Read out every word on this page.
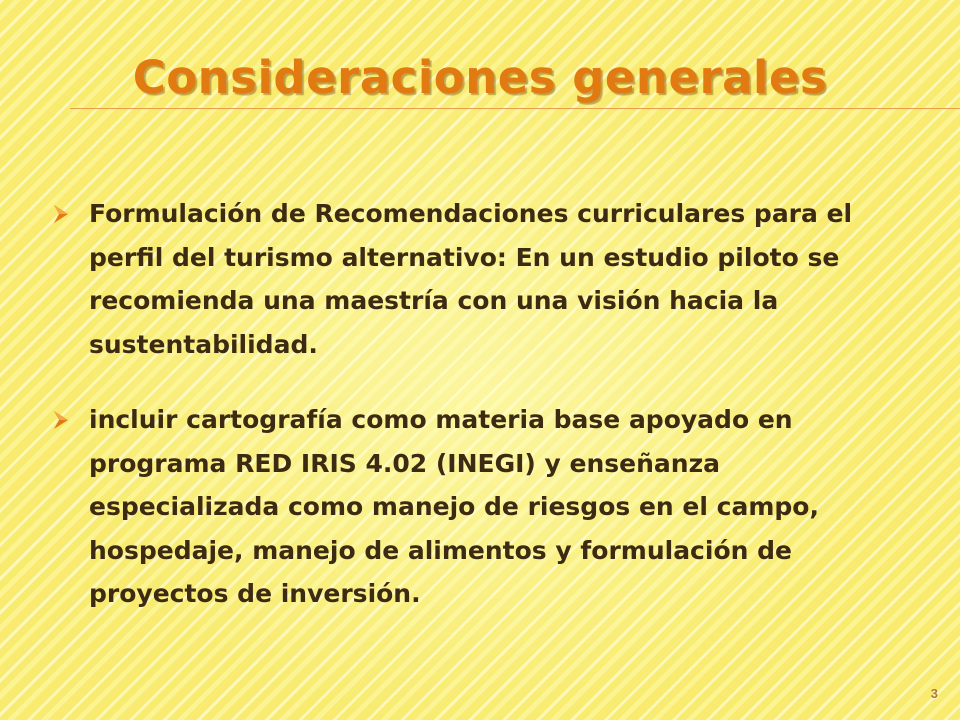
Consideraciones generales
Formulación de Recomendaciones curriculares para el perfil del turismo alternativo: En un estudio piloto se recomienda una maestría con una visión hacia la sustentabilidad.
incluir cartografía como materia base apoyado en programa RED IRIS 4.02 (INEGI) y enseñanza especializada como manejo de riesgos en el campo, hospedaje, manejo de alimentos y formulación de proyectos de inversión.
3
